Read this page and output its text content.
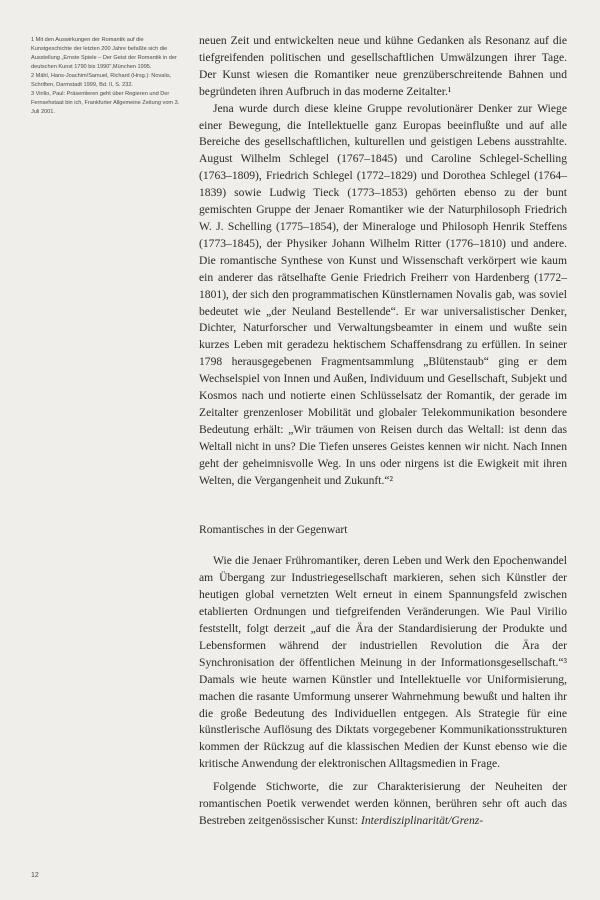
1 Mit den Auswirkungen der Romantik auf die Kunstgeschichte der letzten 200 Jahre befaßte sich die Ausstellung „Ernste Spiele – Der Geist der Romantik in der deutschen Kunst 1790 bis 1990",München 1995.

2 Mähl, Hans-Joachim/Samuel, Richard (Hrsg.): Novalis, Schriften, Darmstadt 1999, Bd. II, S. 232.

3 Virilio, Paul: Präsentieren geht über Regieren und Der Fernsehstaat bin ich, Frankfurter Allgemeine Zeitung vom 3. Juli 2001.

neuen Zeit und entwickelten neue und kühne Gedanken als Resonanz auf die tiefgreifenden politischen und gesellschaftlichen Umwälzungen ihrer Tage. Der Kunst wiesen die Romantiker neue grenzüberschreitende Bahnen und begründeten ihren Aufbruch in das moderne Zeitalter.¹

Jena wurde durch diese kleine Gruppe revolutionärer Denker zur Wiege einer Bewegung, die Intellektuelle ganz Europas beeinflußte und auf alle Bereiche des gesellschaftlichen, kulturellen und geistigen Lebens ausstrahlte. August Wilhelm Schlegel (1767–1845) und Caroline Schlegel-Schelling (1763–1809), Friedrich Schlegel (1772–1829) und Dorothea Schlegel (1764–1839) sowie Ludwig Tieck (1773–1853) gehörten ebenso zu der bunt gemischten Gruppe der Jenaer Romantiker wie der Naturphilosoph Friedrich W. J. Schelling (1775–1854), der Mineraloge und Philosoph Henrik Steffens (1773–1845), der Physiker Johann Wilhelm Ritter (1776–1810) und andere. Die romantische Synthese von Kunst und Wissenschaft verkörpert wie kaum ein anderer das rätselhafte Genie Friedrich Freiherr von Hardenberg (1772–1801), der sich den programmatischen Künstlernamen Novalis gab, was soviel bedeutet wie „der Neuland Bestellende“. Er war universalistischer Denker, Dichter, Naturforscher und Verwaltungsbeamter in einem und wußte sein kurzes Leben mit geradezu hektischem Schaffensdrang zu erfüllen. In seiner 1798 herausgegebenen Fragmentsammlung „Blütenstaub“ ging er dem Wechselspiel von Innen und Außen, Individuum und Gesellschaft, Subjekt und Kosmos nach und notierte einen Schlüsselsatz der Romantik, der gerade im Zeitalter grenzenloser Mobilität und globaler Telekommunikation besondere Bedeutung erhält: „Wir träumen von Reisen durch das Weltall: ist denn das Weltall nicht in uns? Die Tiefen unseres Geistes kennen wir nicht. Nach Innen geht der geheimnisvolle Weg. In uns oder nirgens ist die Ewigkeit mit ihren Welten, die Vergangenheit und Zukunft.“²

Romantisches in der Gegenwart

Wie die Jenaer Frühromantiker, deren Leben und Werk den Epochenwandel am Übergang zur Industriegesellschaft markieren, sehen sich Künstler der heutigen global vernetzten Welt erneut in einem Spannungsfeld zwischen etablierten Ordnungen und tiefgreifenden Veränderungen. Wie Paul Virilio feststellt, folgt derzeit „auf die Ära der Standardisierung der Produkte und Lebensformen während der industriellen Revolution die Ära der Synchronisation der öffentlichen Meinung in der Informationsgesellschaft.“³ Damals wie heute warnen Künstler und Intellektuelle vor Uniformisierung, machen die rasante Umformung unserer Wahrnehmung bewußt und halten ihr die große Bedeutung des Individuellen entgegen. Als Strategie für eine künstlerische Auflösung des Diktats vorgegebener Kommunikationsstrukturen kommen der Rückzug auf die klassischen Medien der Kunst ebenso wie die kritische Anwendung der elektronischen Alltagsmedien in Frage.

Folgende Stichworte, die zur Charakterisierung der Neuheiten der romantischen Poetik verwendet werden können, berühren sehr oft auch das Bestreben zeitgenössischer Kunst: Interdisziplinarität/Grenz-

12
